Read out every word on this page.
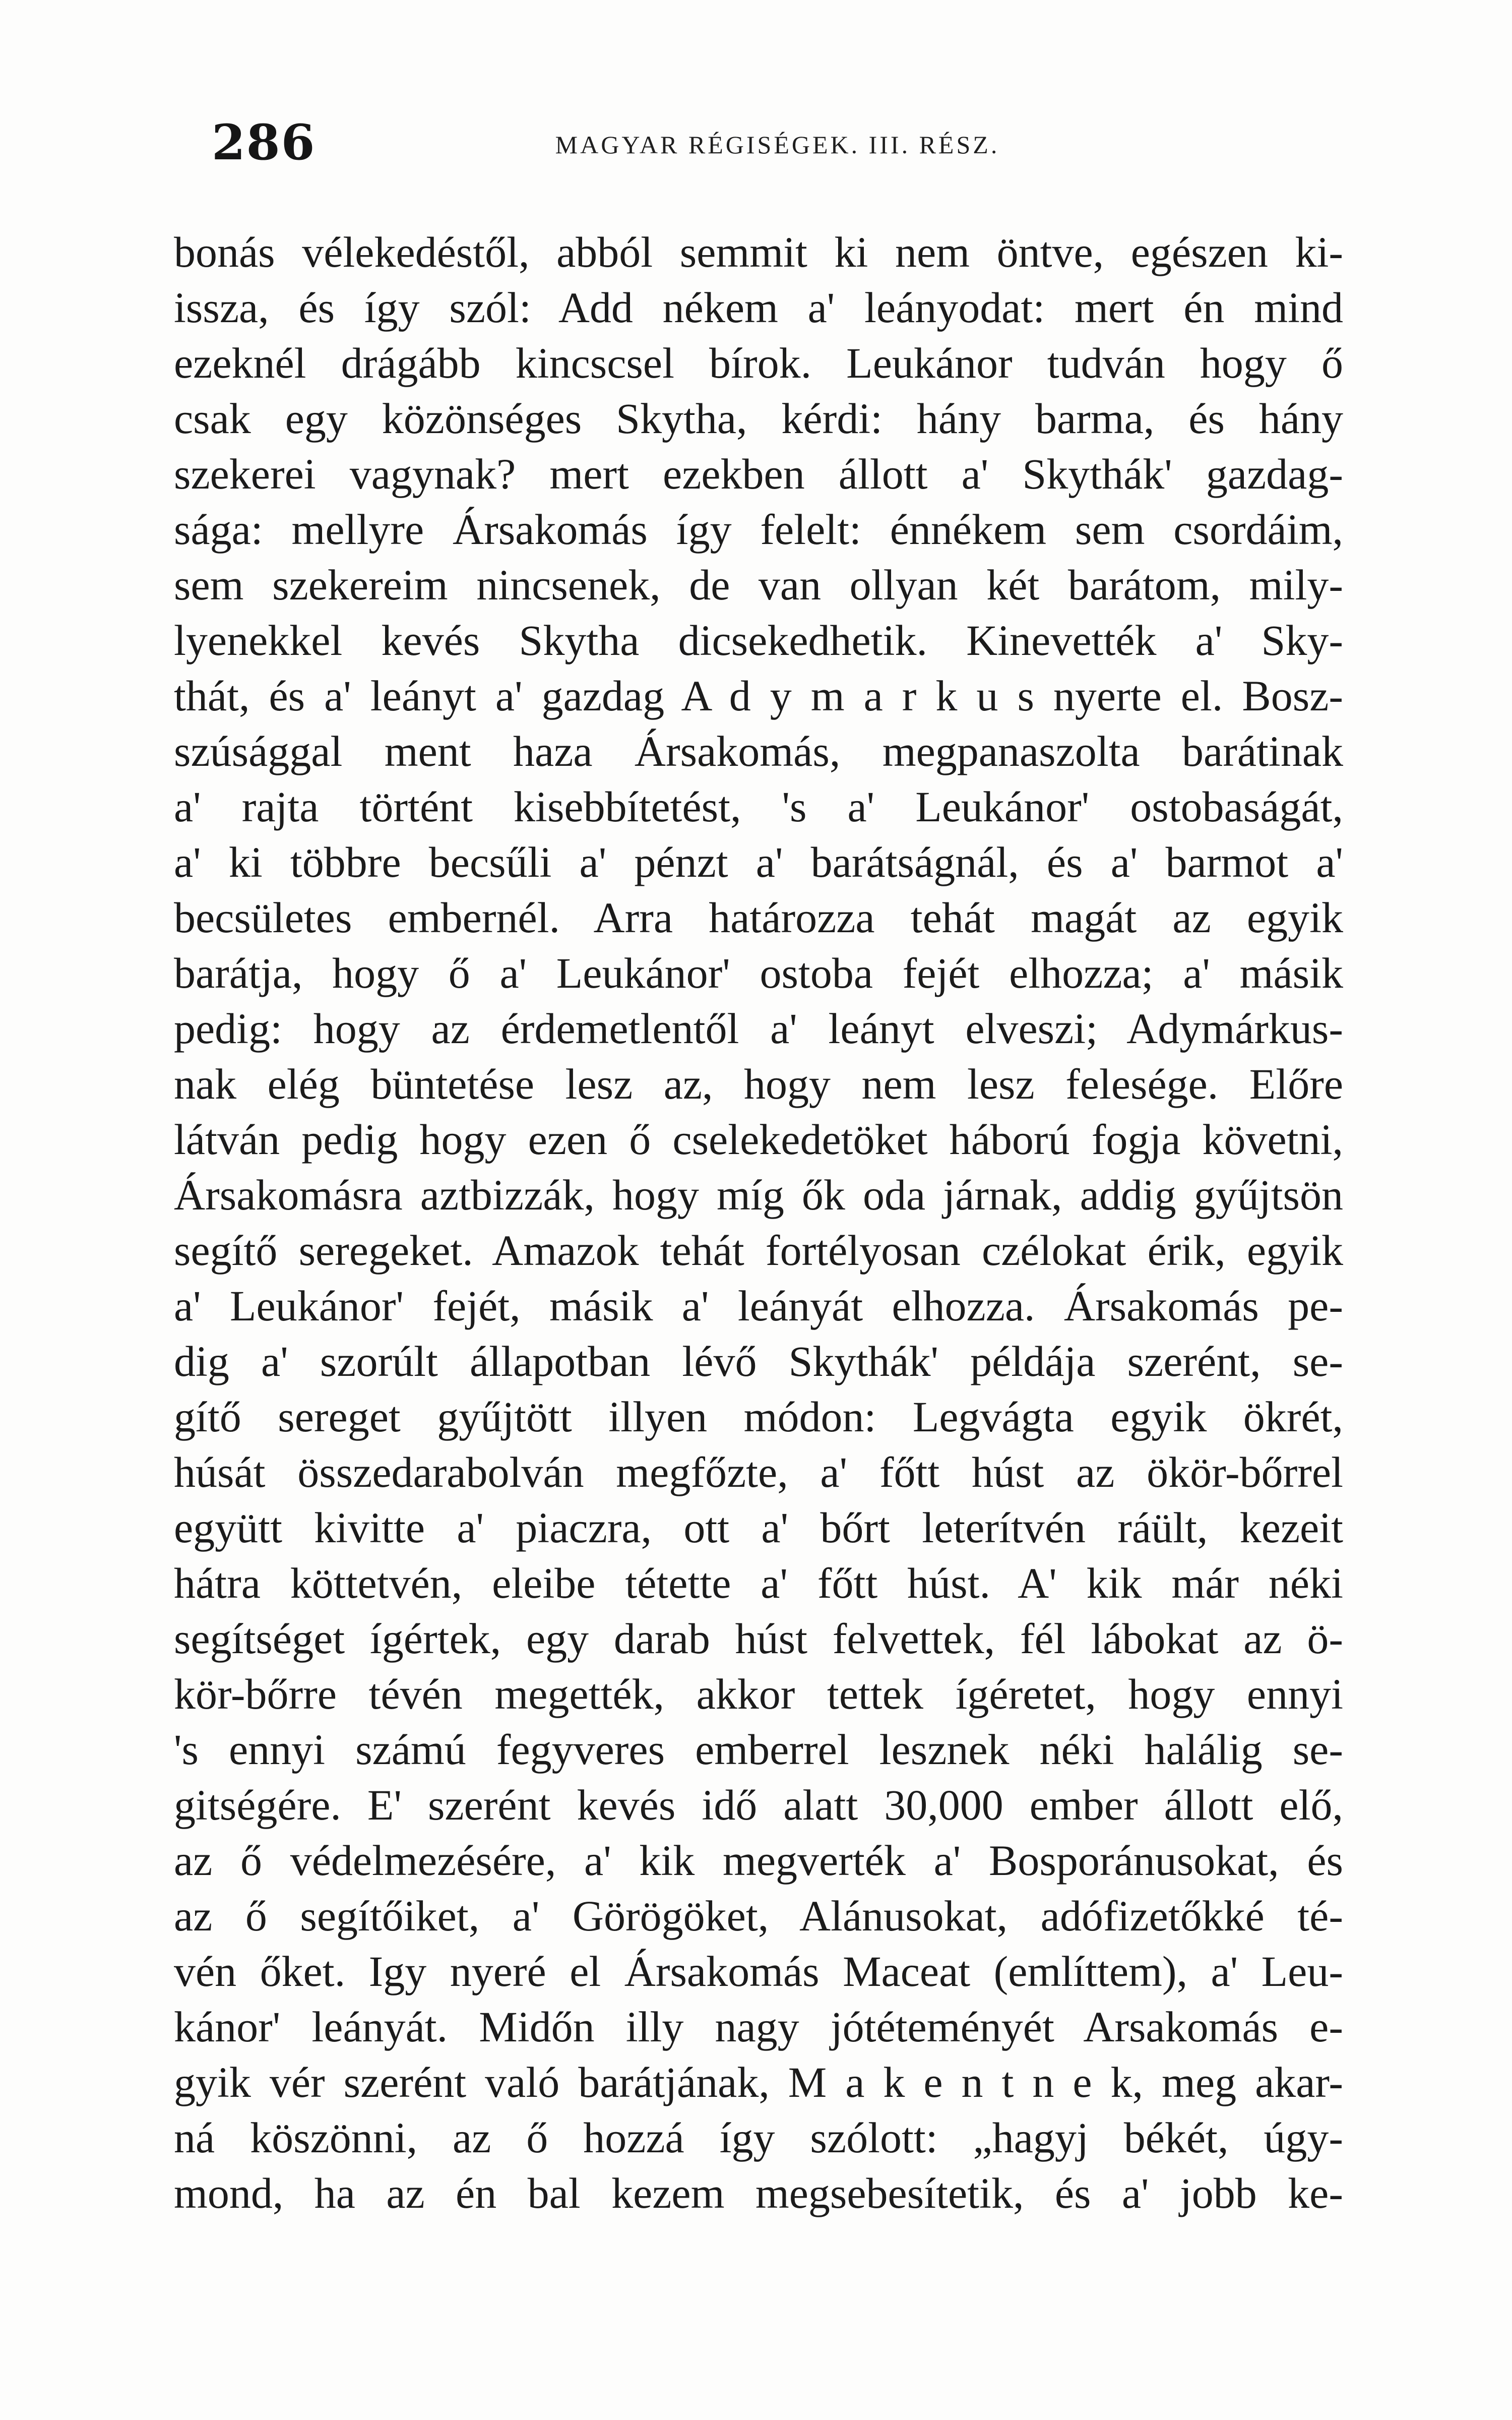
286	MAGYAR RÉGISÉGEK. III. RÉSZ.
bonás vélekedéstől, abból semmit ki nem öntve, egészen ki-
issza, és így szól: Add nékem a' leányodat: mert én mind
ezeknél drágább kincscsel bírok. Leukánor tudván hogy ő
csak egy közönséges Skytha, kérdi: hány barma, és hány
szekerei vagynak? mert ezekben állott a' Skythák' gazdag-
sága: mellyre Ársakomás így felelt: énnékem sem csordáim,
sem szekereim nincsenek, de van ollyan két barátom, mily-
lyenekkel kevés Skytha dicsekedhetik. Kinevették a' Sky-
thát, és a' leányt a' gazdag A d y m a r k u s nyerte el. Bosz-
szúsággal ment haza Ársakomás, megpanaszolta barátinak
a' rajta történt kisebbítetést, 's a' Leukánor' ostobaságát,
a' ki többre becsűli a' pénzt a' barátságnál, és a' barmot a'
becsületes embernél. Arra határozza tehát magát az egyik
barátja, hogy ő a' Leukánor' ostoba fejét elhozza; a' másik
pedig: hogy az érdemetlentől a' leányt elveszi; Adymárkus-
nak elég büntetése lesz az, hogy nem lesz felesége. Előre
látván pedig hogy ezen ő cselekedetöket háború fogja követni,
Ársakomásra aztbizzák, hogy míg ők oda járnak, addig gyűjtsön
segítő seregeket. Amazok tehát fortélyosan czélokat érik, egyik
a' Leukánor' fejét, másik a' leányát elhozza. Ársakomás pe-
dig a' szorúlt állapotban lévő Skythák' példája szerént, se-
gítő sereget gyűjtött illyen módon: Legvágta egyik ökrét,
húsát összedarabolván megfőzte, a' főtt húst az ökör-bőrrel
együtt kivitte a' piaczra, ott a' bőrt leterítvén ráült, kezeit
hátra köttetvén, eleibe tétette a' főtt húst. A' kik már néki
segítséget ígértek, egy darab húst felvettek, fél lábokat az ö-
kör-bőrre tévén megették, akkor tettek ígéretet, hogy ennyi
's ennyi számú fegyveres emberrel lesznek néki halálig se-
gitségére. E' szerént kevés idő alatt 30,000 ember állott elő,
az ő védelmezésére, a' kik megverték a' Bosporánusokat, és
az ő segítőiket, a' Görögöket, Alánusokat, adófizetőkké té-
vén őket. Igy nyeré el Ársakomás Maceat (említtem), a' Leu-
kánor' leányát. Midőn illy nagy jótéteményét Arsakomás e-
gyik vér szerént való barátjának, M a k e n t n e k, meg akar-
ná köszönni, az ő hozzá így szólott: „hagyj békét, úgy-
mond, ha az én bal kezem megsebesítetik, és a' jobb ke-
